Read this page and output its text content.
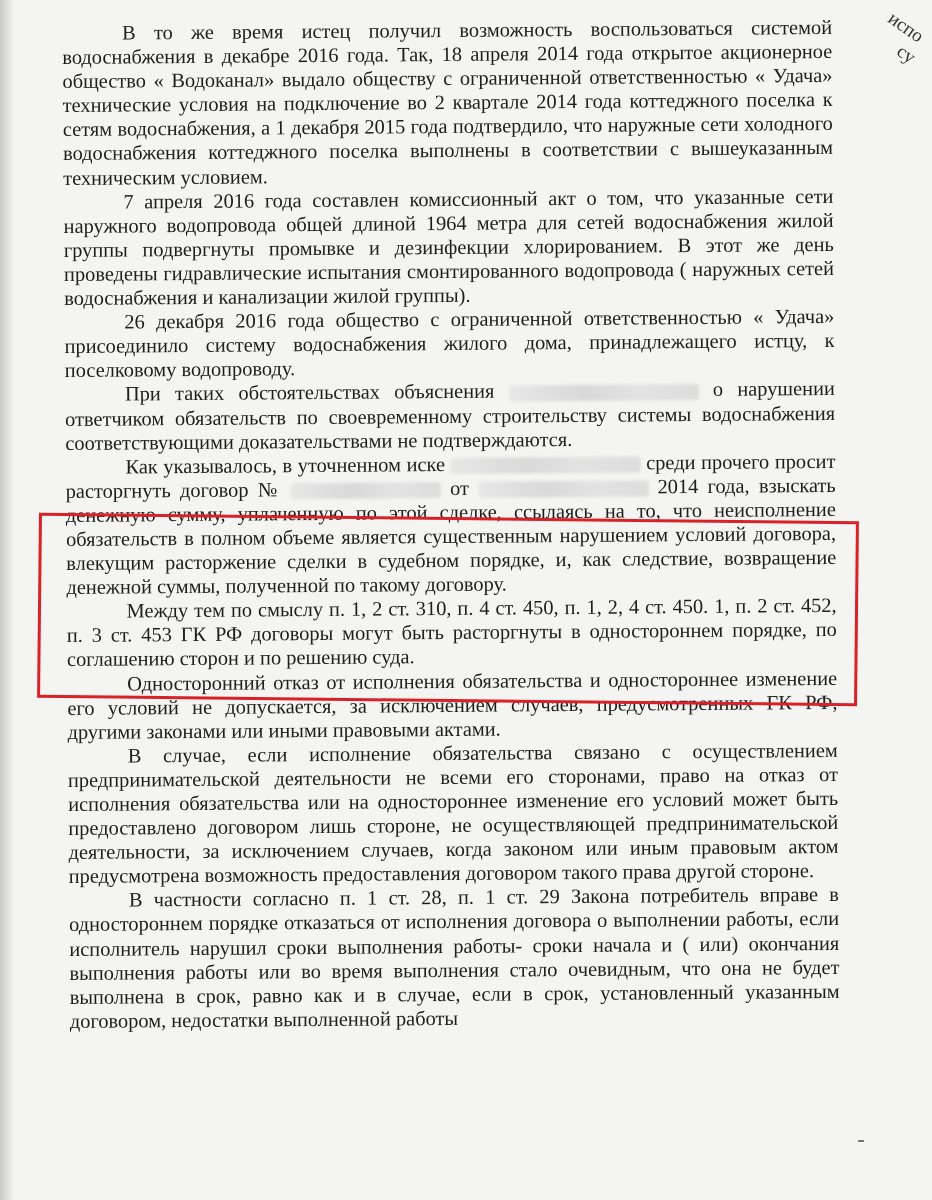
испо
су

В то же время истец получил возможность воспользоваться системой водоснабжения в декабре 2016 года. Так, 18 апреля 2014 года открытое акционерное общество « Водоканал» выдало обществу с ограниченной ответственностью « Удача» технические условия на подключение во 2 квартале 2014 года коттеджного поселка к сетям водоснабжения, а 1 декабря 2015 года подтвердило, что наружные сети холодного водоснабжения коттеджного поселка выполнены в соответствии с вышеуказанным техническим условием.

7 апреля 2016 года составлен комиссионный акт о том, что указанные сети наружного водопровода общей длиной 1964 метра для сетей водоснабжения жилой группы подвергнуты промывке и дезинфекции хлорированием. В этот же день проведены гидравлические испытания смонтированного водопровода ( наружных сетей водоснабжения и канализации жилой группы).

26 декабря 2016 года общество с ограниченной ответственностью « Удача» присоединило систему водоснабжения жилого дома, принадлежащего истцу, к поселковому водопроводу.

При таких обстоятельствах объяснения	о нарушении ответчиком обязательств по своевременному строительству системы водоснабжения соответствующими доказательствами не подтверждаются.

Как указывалось, в уточненном иске	среди прочего просит расторгнуть договор №	от	2014 года, взыскать денежную сумму, уплаченную по этой сделке, ссылаясь на то, что неисполнение обязательств в полном объеме является существенным нарушением условий договора, влекущим расторжение сделки в судебном порядке, и, как следствие, возвращение денежной суммы, полученной по такому договору.

Между тем по смыслу п. 1, 2 ст. 310, п. 4 ст. 450, п. 1, 2, 4 ст. 450. 1, п. 2 ст. 452, п. 3 ст. 453 ГК РФ договоры могут быть расторгнуты в одностороннем порядке, по соглашению сторон и по решению суда.

Односторонний отказ от исполнения обязательства и одностороннее изменение его условий не допускается, за исключением случаев, предусмотренных ГК РФ, другими законами или иными правовыми актами.

В случае, если исполнение обязательства связано с осуществлением предпринимательской деятельности не всеми его сторонами, право на отказ от исполнения обязательства или на одностороннее изменение его условий может быть предоставлено договором лишь стороне, не осуществляющей предпринимательской деятельности, за исключением случаев, когда законом или иным правовым актом предусмотрена возможность предоставления договором такого права другой стороне.

В частности согласно п. 1 ст. 28, п. 1 ст. 29 Закона потребитель вправе в одностороннем порядке отказаться от исполнения договора о выполнении работы, если исполнитель нарушил сроки выполнения работы- сроки начала и ( или) окончания выполнения работы или во время выполнения стало очевидным, что она не будет выполнена в срок, равно как и в случае, если в срок, установленный указанным договором, недостатки выполненной работы
